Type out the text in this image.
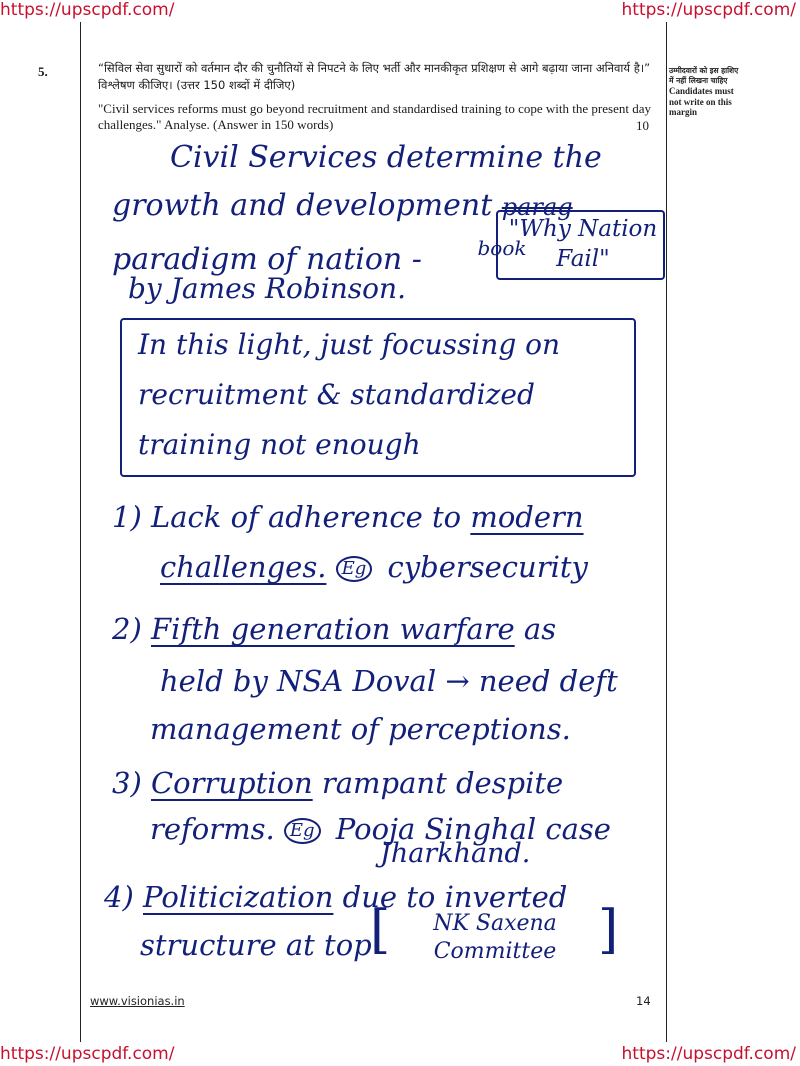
https://upscpdf.com/	https://upscpdf.com/
https://upscpdf.com/	https://upscpdf.com/
उम्मीदवारों को इस हाशिए में नहीं लिखना चाहिए
Candidates must not write on this margin
5.	“सिविल सेवा सुधारों को वर्तमान दौर की चुनौतियों से निपटने के लिए भर्ती और मानकीकृत प्रशिक्षण से आगे बढ़ाया जाना अनिवार्य है।” विश्लेषण कीजिए। (उत्तर 150 शब्दों में दीजिए)
"Civil services reforms must go beyond recruitment and standardised training to cope with the present day challenges." Analyse. (Answer in 150 words)	10
Civil Services determine the
growth and development parag
paradigm of nation -	$^{book}$
"Why Nation Fail"
by James Robinson.
In this light, just focussing on
recruitment & standardized
training not enough
1) Lack of adherence to modern
challenges. Eg cybersecurity
2) Fifth generation warfare as
held by NSA Doval → need deft
management of perceptions.
3) Corruption rampant despite
reforms. Eg Pooja Singhal case
Jharkhand.
4) Politicization due to inverted
structure at top
[	NK Saxena Committee ]
www.visionias.in	14
